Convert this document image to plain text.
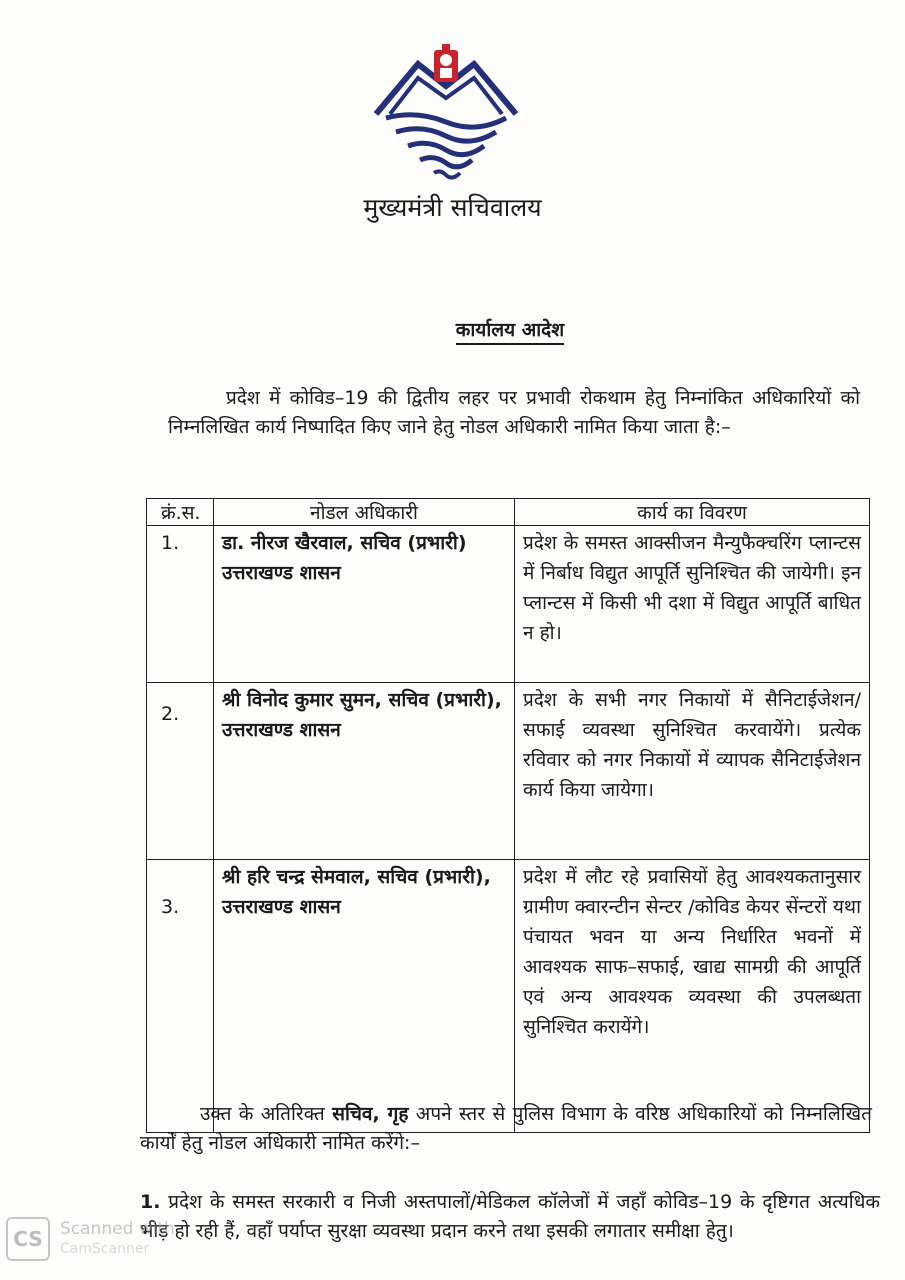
मुख्यमंत्री सचिवालय
कार्यालय आदेश
प्रदेश में कोविड–19 की द्वितीय लहर पर प्रभावी रोकथाम हेतु निम्नांकित अधिकारियों को निम्नलिखित कार्य निष्पादित किए जाने हेतु नोडल अधिकारी नामित किया जाता है:–
क्रं.स.	नोडल अधिकारी	कार्य का विवरण
1.	डा. नीरज खैरवाल, सचिव (प्रभारी) उत्तराखण्ड शासन	प्रदेश के समस्त आक्सीजन मैन्युफैक्चरिंग प्लान्टस में निर्बाध विद्युत आपूर्ति सुनिश्चित की जायेगी। इन प्लान्टस में किसी भी दशा में विद्युत आपूर्ति बाधित न हो।
2.	श्री विनोद कुमार सुमन, सचिव (प्रभारी), उत्तराखण्ड शासन	प्रदेश के सभी नगर निकायों में सैनिटाईजेशन/सफाई व्यवस्था सुनिश्चित करवायेंगे। प्रत्येक रविवार को नगर निकायों में व्यापक सैनिटाईजेशन कार्य किया जायेगा।
3.	श्री हरि चन्द्र सेमवाल, सचिव (प्रभारी), उत्तराखण्ड शासन	प्रदेश में लौट रहे प्रवासियों हेतु आवश्यकतानुसार ग्रामीण क्वारन्टीन सेन्टर /कोविड केयर सेंन्टरों यथा पंचायत भवन या अन्य निर्धारित भवनों में आवश्यक साफ–सफाई, खाद्य सामग्री की आपूर्ति एवं अन्य आवश्यक व्यवस्था की उपलब्धता सुनिश्चित करायेंगे।
उक्त के अतिरिक्त सचिव, गृह अपने स्तर से पुलिस विभाग के वरिष्ठ अधिकारियों को निम्नलिखित कार्यों हेतु नोडल अधिकारी नामित करेंगे:–
1. प्रदेश के समस्त सरकारी व निजी अस्तपालों/मेडिकल कॉलेजों में जहाँ कोविड–19 के दृष्टिगत अत्यधिक भीड़ हो रही हैं, वहाँ पर्याप्त सुरक्षा व्यवस्था प्रदान करने तथा इसकी लगातार समीक्षा हेतु।
CS	Scanned with
CamScanner
